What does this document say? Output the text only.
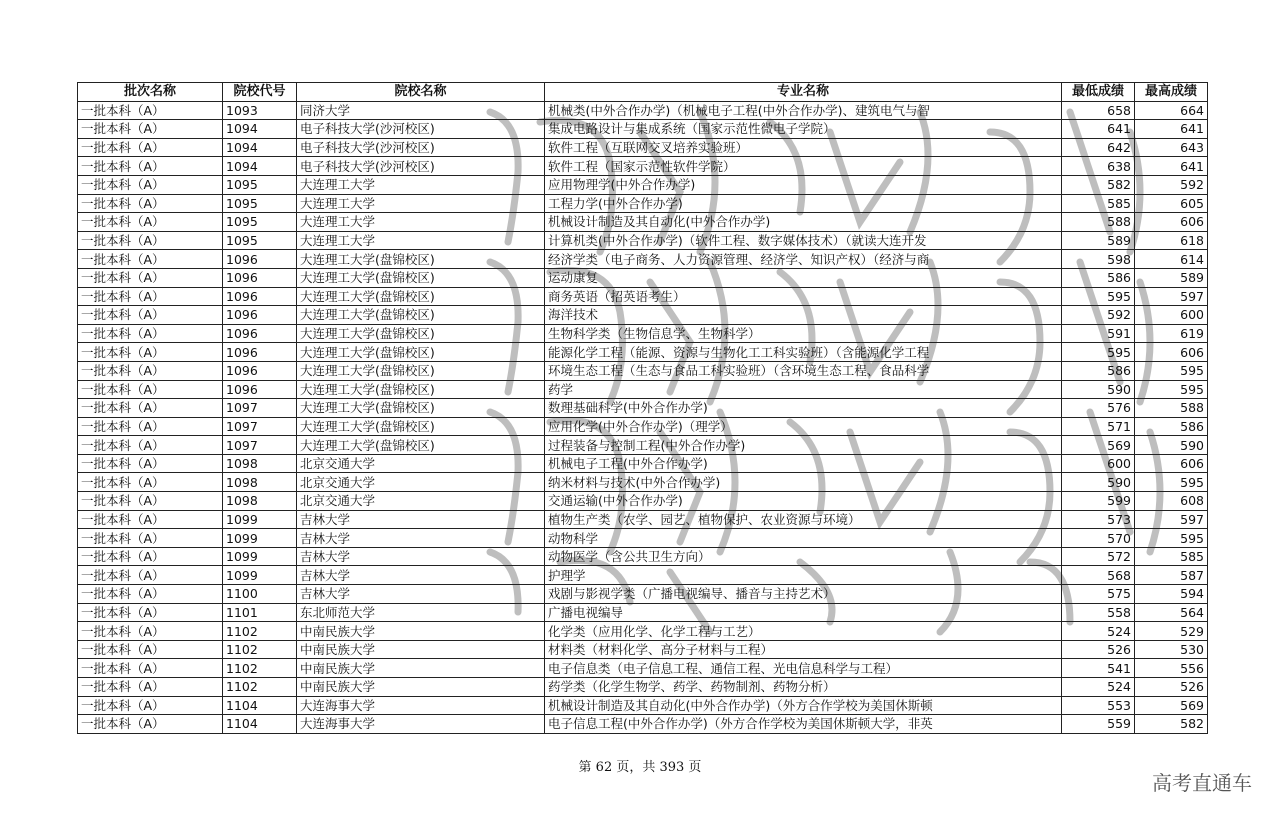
批次名称	院校代号	院校名称	专业名称	最低成绩	最高成绩
一批本科（A）	1093	同济大学	机械类(中外合作办学)（机械电子工程(中外合作办学)、建筑电气与智	658	664
一批本科（A）	1094	电子科技大学(沙河校区)	集成电路设计与集成系统（国家示范性微电子学院）	641	641
一批本科（A）	1094	电子科技大学(沙河校区)	软件工程（互联网交叉培养实验班）	642	643
一批本科（A）	1094	电子科技大学(沙河校区)	软件工程（国家示范性软件学院）	638	641
一批本科（A）	1095	大连理工大学	应用物理学(中外合作办学)	582	592
一批本科（A）	1095	大连理工大学	工程力学(中外合作办学)	585	605
一批本科（A）	1095	大连理工大学	机械设计制造及其自动化(中外合作办学)	588	606
一批本科（A）	1095	大连理工大学	计算机类(中外合作办学)（软件工程、数字媒体技术）（就读大连开发	589	618
一批本科（A）	1096	大连理工大学(盘锦校区)	经济学类（电子商务、人力资源管理、经济学、知识产权）（经济与商	598	614
一批本科（A）	1096	大连理工大学(盘锦校区)	运动康复	586	589
一批本科（A）	1096	大连理工大学(盘锦校区)	商务英语（招英语考生）	595	597
一批本科（A）	1096	大连理工大学(盘锦校区)	海洋技术	592	600
一批本科（A）	1096	大连理工大学(盘锦校区)	生物科学类（生物信息学、生物科学）	591	619
一批本科（A）	1096	大连理工大学(盘锦校区)	能源化学工程（能源、资源与生物化工工科实验班）（含能源化学工程	595	606
一批本科（A）	1096	大连理工大学(盘锦校区)	环境生态工程（生态与食品工科实验班）（含环境生态工程、食品科学	586	595
一批本科（A）	1096	大连理工大学(盘锦校区)	药学	590	595
一批本科（A）	1097	大连理工大学(盘锦校区)	数理基础科学(中外合作办学)	576	588
一批本科（A）	1097	大连理工大学(盘锦校区)	应用化学(中外合作办学)（理学）	571	586
一批本科（A）	1097	大连理工大学(盘锦校区)	过程装备与控制工程(中外合作办学)	569	590
一批本科（A）	1098	北京交通大学	机械电子工程(中外合作办学)	600	606
一批本科（A）	1098	北京交通大学	纳米材料与技术(中外合作办学)	590	595
一批本科（A）	1098	北京交通大学	交通运输(中外合作办学)	599	608
一批本科（A）	1099	吉林大学	植物生产类（农学、园艺、植物保护、农业资源与环境）	573	597
一批本科（A）	1099	吉林大学	动物科学	570	595
一批本科（A）	1099	吉林大学	动物医学（含公共卫生方向）	572	585
一批本科（A）	1099	吉林大学	护理学	568	587
一批本科（A）	1100	吉林大学	戏剧与影视学类（广播电视编导、播音与主持艺术）	575	594
一批本科（A）	1101	东北师范大学	广播电视编导	558	564
一批本科（A）	1102	中南民族大学	化学类（应用化学、化学工程与工艺）	524	529
一批本科（A）	1102	中南民族大学	材料类（材料化学、高分子材料与工程）	526	530
一批本科（A）	1102	中南民族大学	电子信息类（电子信息工程、通信工程、光电信息科学与工程）	541	556
一批本科（A）	1102	中南民族大学	药学类（化学生物学、药学、药物制剂、药物分析）	524	526
一批本科（A）	1104	大连海事大学	机械设计制造及其自动化(中外合作办学)（外方合作学校为美国休斯顿	553	569
一批本科（A）	1104	大连海事大学	电子信息工程(中外合作办学)（外方合作学校为美国休斯顿大学，非英	559	582
第 62 页，共 393 页
高考直通车
